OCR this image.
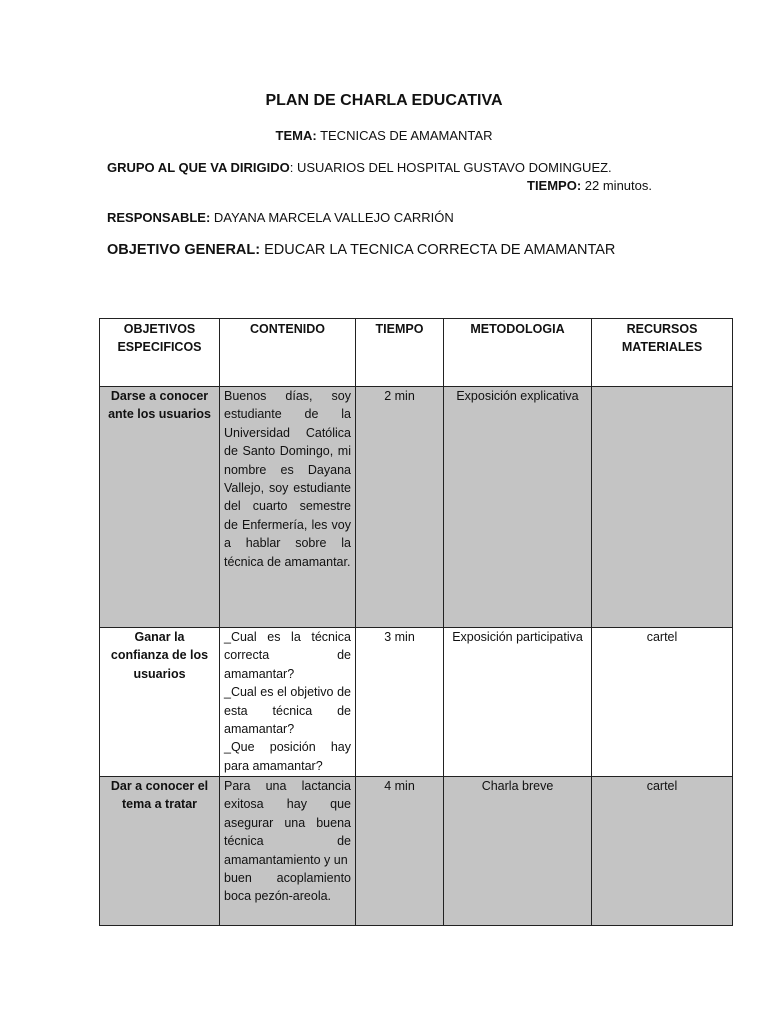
PLAN DE CHARLA EDUCATIVA
TEMA: TECNICAS DE AMAMANTAR
GRUPO AL QUE VA DIRIGIDO: USUARIOS DEL HOSPITAL GUSTAVO DOMINGUEZ.
TIEMPO: 22 minutos.
RESPONSABLE: DAYANA MARCELA VALLEJO CARRIÓN
OBJETIVO GENERAL: EDUCAR LA TECNICA CORRECTA DE AMAMANTAR
OBJETIVOS ESPECIFICOS	CONTENIDO	TIEMPO	METODOLOGIA	RECURSOS MATERIALES
Darse a conocer ante los usuarios	Buenos días, soy estudiante de la Universidad Católica de Santo Domingo, mi nombre es Dayana Vallejo, soy estudiante del cuarto semestre de Enfermería, les voy a hablar sobre la técnica de amamantar.	2 min	Exposición explicativa	
Ganar la confianza de los usuarios	_Cual es la técnica correcta de amamantar?
_Cual es el objetivo de esta técnica de amamantar?
_Que posición hay para amamantar?	3 min	Exposición participativa	cartel
Dar a conocer el tema a tratar	Para una lactancia exitosa hay que asegurar una buena técnica de amamantamiento y un
buen acoplamiento boca pezón-areola.	4 min	Charla breve	cartel
